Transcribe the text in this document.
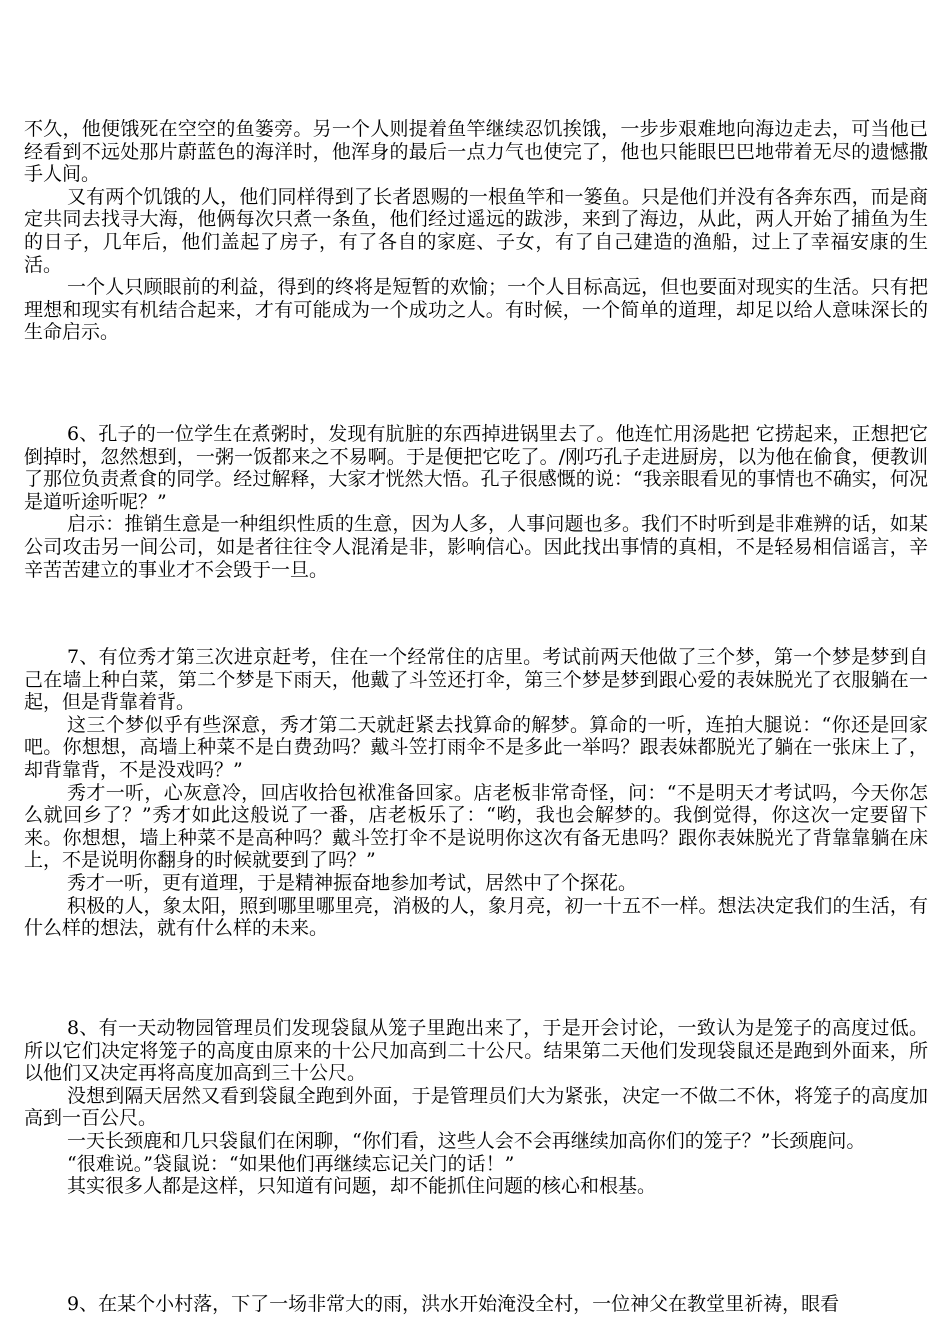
不久，他便饿死在空空的鱼篓旁。另一个人则提着鱼竿继续忍饥挨饿，一步步艰难地向海边走去，可当他已经看到不远处那片蔚蓝色的海洋时，他浑身的最后一点力气也使完了，他也只能眼巴巴地带着无尽的遗憾撒手人间。

又有两个饥饿的人，他们同样得到了长者恩赐的一根鱼竿和一篓鱼。只是他们并没有各奔东西，而是商定共同去找寻大海，他俩每次只煮一条鱼，他们经过遥远的跋涉，来到了海边，从此，两人开始了捕鱼为生的日子，几年后，他们盖起了房子，有了各自的家庭、子女，有了自己建造的渔船，过上了幸福安康的生活。

一个人只顾眼前的利益，得到的终将是短暂的欢愉；一个人目标高远，但也要面对现实的生活。只有把理想和现实有机结合起来，才有可能成为一个成功之人。有时候，一个简单的道理，却足以给人意味深长的生命启示。

6、孔子的一位学生在煮粥时，发现有肮脏的东西掉进锅里去了。他连忙用汤匙把 它捞起来，正想把它倒掉时，忽然想到，一粥一饭都来之不易啊。于是便把它吃了。/刚巧孔子走进厨房，以为他在偷食，便教训了那位负责煮食的同学。经过解释，大家才恍然大悟。孔子很感慨的说：“我亲眼看见的事情也不确实，何况是道听途听呢？”

启示：推销生意是一种组织性质的生意，因为人多，人事问题也多。我们不时听到是非难辨的话，如某公司攻击另一间公司，如是者往往令人混淆是非，影响信心。因此找出事情的真相，不是轻易相信谣言，辛辛苦苦建立的事业才不会毁于一旦。

7、有位秀才第三次进京赶考，住在一个经常住的店里。考试前两天他做了三个梦，第一个梦是梦到自己在墙上种白菜，第二个梦是下雨天，他戴了斗笠还打伞，第三个梦是梦到跟心爱的表妹脱光了衣服躺在一起，但是背靠着背。

这三个梦似乎有些深意，秀才第二天就赶紧去找算命的解梦。算命的一听，连拍大腿说：“你还是回家吧。你想想，高墙上种菜不是白费劲吗？戴斗笠打雨伞不是多此一举吗？跟表妹都脱光了躺在一张床上了，却背靠背，不是没戏吗？”

秀才一听，心灰意冷，回店收拾包袱准备回家。店老板非常奇怪，问：“不是明天才考试吗，今天你怎么就回乡了？”秀才如此这般说了一番，店老板乐了：“哟，我也会解梦的。我倒觉得，你这次一定要留下来。你想想，墙上种菜不是高种吗？戴斗笠打伞不是说明你这次有备无患吗？跟你表妹脱光了背靠靠躺在床上，不是说明你翻身的时候就要到了吗？”

秀才一听，更有道理，于是精神振奋地参加考试，居然中了个探花。

积极的人，象太阳，照到哪里哪里亮，消极的人，象月亮，初一十五不一样。想法决定我们的生活，有什么样的想法，就有什么样的未来。

8、有一天动物园管理员们发现袋鼠从笼子里跑出来了，于是开会讨论，一致认为是笼子的高度过低。所以它们决定将笼子的高度由原来的十公尺加高到二十公尺。结果第二天他们发现袋鼠还是跑到外面来，所以他们又决定再将高度加高到三十公尺。

没想到隔天居然又看到袋鼠全跑到外面，于是管理员们大为紧张，决定一不做二不休，将笼子的高度加高到一百公尺。

一天长颈鹿和几只袋鼠们在闲聊，“你们看，这些人会不会再继续加高你们的笼子？”长颈鹿问。

“很难说。”袋鼠说：“如果他们再继续忘记关门的话！”

其实很多人都是这样，只知道有问题，却不能抓住问题的核心和根基。

9、在某个小村落，下了一场非常大的雨，洪水开始淹没全村，一位神父在教堂里祈祷，眼看
